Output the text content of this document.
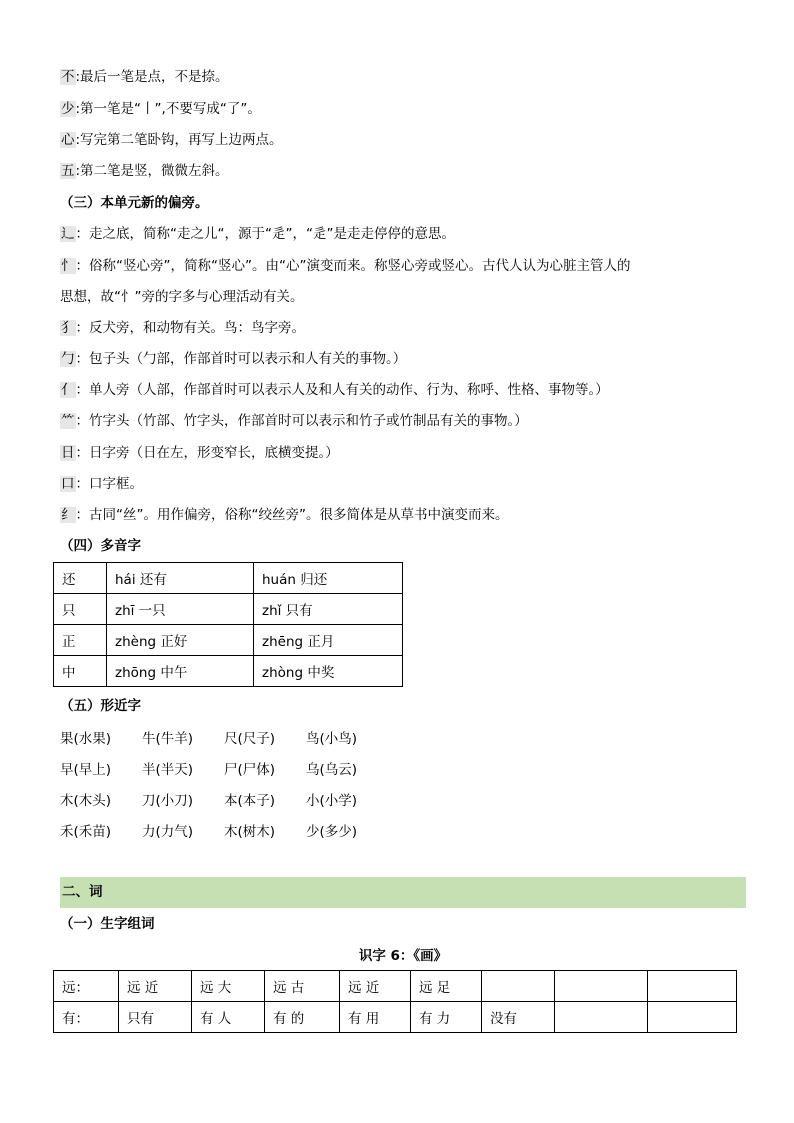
不:最后一笔是点，不是捺。
少:第一笔是“丨”,不要写成“了”。
心:写完第二笔卧钩，再写上边两点。
五:第二笔是竖，微微左斜。
（三）本单元新的偏旁。
辶：走之底，简称“走之儿“，源于“辵”，“辵”是走走停停的意思。
忄：俗称“竖心旁”，简称“竖心”。由“心”演变而来。称竖心旁或竖心。古代人认为心脏主管人的
思想，故“忄”旁的字多与心理活动有关。
犭：反犬旁，和动物有关。鸟：鸟字旁。
勹：包子头（勹部，作部首时可以表示和人有关的事物。）
亻：单人旁（人部，作部首时可以表示人及和人有关的动作、行为、称呼、性格、事物等。）
⺮：竹字头（竹部、竹字头，作部首时可以表示和竹子或竹制品有关的事物。）
日：日字旁（日在左，形变窄长，底横变提。）
口：口字框。
纟：古同“丝”。用作偏旁，俗称“绞丝旁”。很多简体是从草书中演变而来。
（四）多音字
还	hái 还有	huán 归还
只	zhī 一只	zhǐ 只有
正	zhèng 正好	zhēng 正月
中	zhōng 中午	zhòng 中奖
（五）形近字
果(水果) 牛(牛羊) 尺(尺子) 鸟(小鸟)
早(早上) 半(半天) 尸(尸体) 乌(乌云)
木(木头) 刀(小刀) 本(本子) 小(小学)
禾(禾苗) 力(力气) 木(树木) 少(多少)
二、词
（一）生字组词
识字 6：《画》
远：	远 近	远 大	远 古	远 近	远 足			
有：	只有	有 人	有 的	有 用	有 力	没有		
